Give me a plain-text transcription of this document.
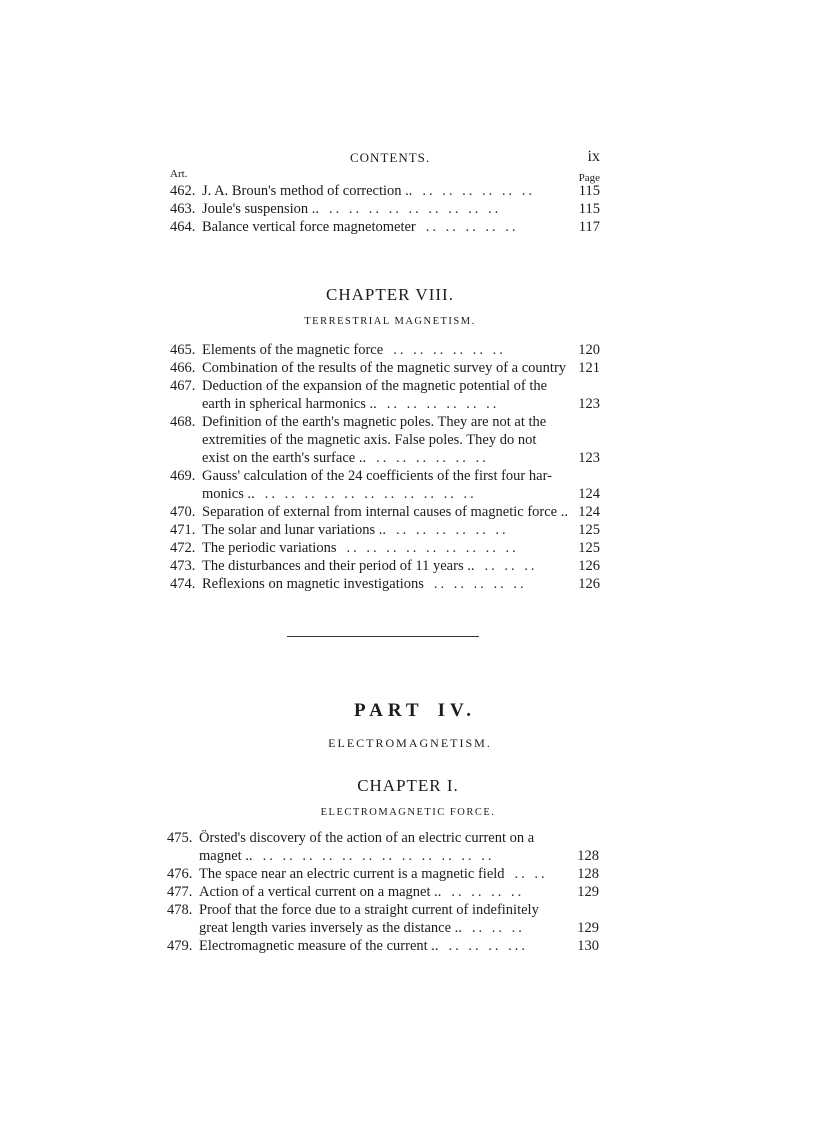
CONTENTS.	ix
Art.	Page
462. J. A. Broun's method of correction .. .. .. .. .. .. ..	115
463. Joule's suspension .. .. .. .. .. .. .. .. .. ..	115
464. Balance vertical force magnetometer .. .. .. .. ..	117
CHAPTER VIII.
TERRESTRIAL MAGNETISM.
465. Elements of the magnetic force .. .. .. .. .. ..	120
466. Combination of the results of the magnetic survey of a country 121
467. Deduction of the expansion of the magnetic potential of the
earth in spherical harmonics .. .. .. .. .. .. ..	123
468. Definition of the earth's magnetic poles. They are not at the
extremities of the magnetic axis. False poles. They do not
exist on the earth's surface .. .. .. .. .. .. ..	123
469. Gauss' calculation of the 24 coefficients of the first four har-
monics .. .. .. .. .. .. .. .. .. .. .. ..	124
470. Separation of external from internal causes of magnetic force .. 124
471. The solar and lunar variations .. .. .. .. .. .. ..	125
472. The periodic variations .. .. .. .. .. .. .. .. ..	125
473. The disturbances and their period of 11 years .. .. .. ..	126
474. Reflexions on magnetic investigations .. .. .. .. ..	126
PART IV.
ELECTROMAGNETISM.
CHAPTER I.
ELECTROMAGNETIC FORCE.
475. Örsted's discovery of the action of an electric current on a
magnet .. .. .. .. .. .. .. .. .. .. .. .. ..	128
476. The space near an electric current is a magnetic field .. .. 128
477. Action of a vertical current on a magnet .. .. .. .. ..	129
478. Proof that the force due to a straight current of indefinitely
great length varies inversely as the distance .. .. .. ..	129
479. Electromagnetic measure of the current .. .. .. .. ...	130
